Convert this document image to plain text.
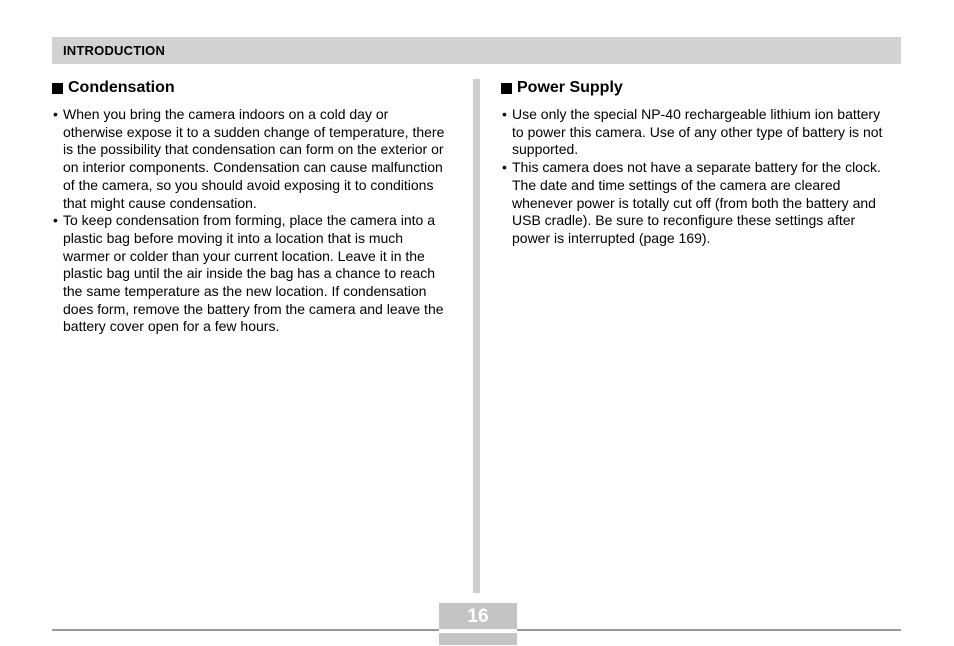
INTRODUCTION
Condensation
• When you bring the camera indoors on a cold day or otherwise expose it to a sudden change of temperature, there is the possibility that condensation can form on the exterior or on interior components. Condensation can cause malfunction of the camera, so you should avoid exposing it to conditions that might cause condensation.
• To keep condensation from forming, place the camera into a plastic bag before moving it into a location that is much warmer or colder than your current location. Leave it in the plastic bag until the air inside the bag has a chance to reach the same temperature as the new location. If condensation does form, remove the battery from the camera and leave the battery cover open for a few hours.
Power Supply
• Use only the special NP-40 rechargeable lithium ion battery to power this camera. Use of any other type of battery is not supported.
• This camera does not have a separate battery for the clock. The date and time settings of the camera are cleared whenever power is totally cut off (from both the battery and USB cradle). Be sure to reconfigure these settings after power is interrupted (page 169).
16
